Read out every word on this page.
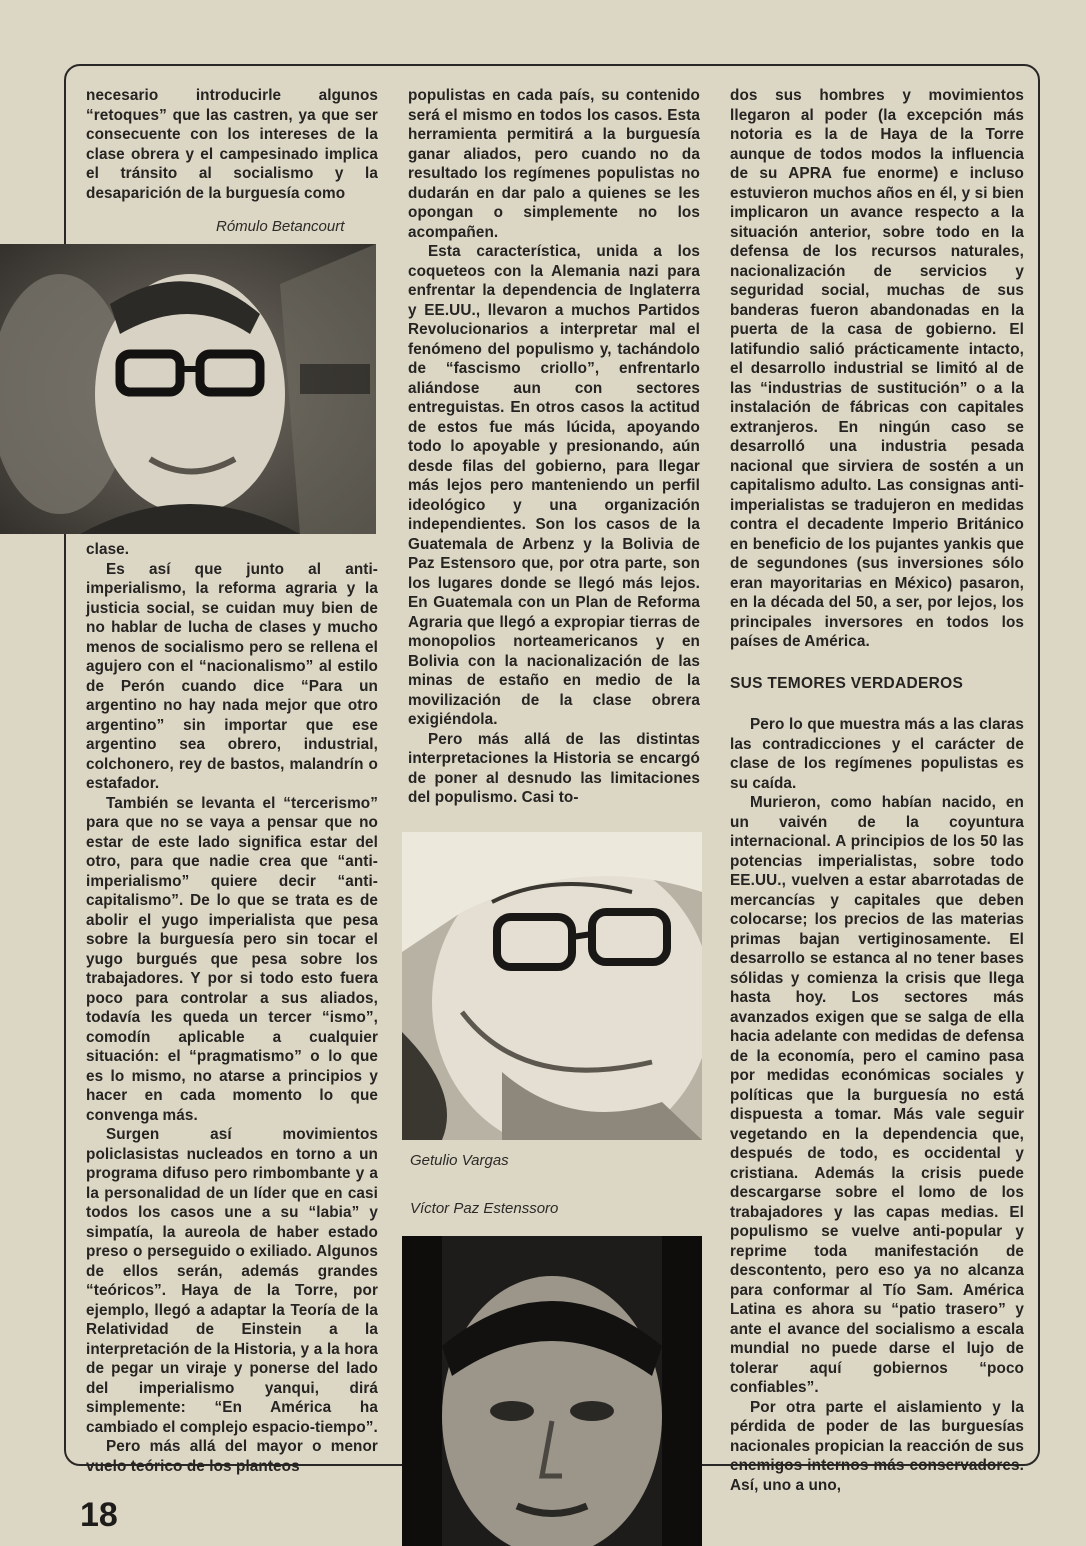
necesario introducirle algunos “retoques” que las castren, ya que ser consecuente con los intereses de la clase obrera y el campesinado implica el tránsito al socialismo y la desaparición de la burguesía como

Rómulo Betancourt

clase.

Es así que junto al anti-imperialismo, la reforma agraria y la justicia social, se cuidan muy bien de no hablar de lucha de clases y mucho menos de socialismo pero se rellena el agujero con el “nacionalismo” al estilo de Perón cuando dice “Para un argentino no hay nada mejor que otro argentino” sin importar que ese argentino sea obrero, industrial, colchonero, rey de bastos, malandrín o estafador.

También se levanta el “tercerismo” para que no se vaya a pensar que no estar de este lado significa estar del otro, para que nadie crea que “anti-imperialismo” quiere decir “anti-capitalismo”. De lo que se trata es de abolir el yugo imperialista que pesa sobre la burguesía pero sin tocar el yugo burgués que pesa sobre los trabajadores. Y por si todo esto fuera poco para controlar a sus aliados, todavía les queda un tercer “ismo”, comodín aplicable a cualquier situación: el “pragmatismo” o lo que es lo mismo, no atarse a principios y hacer en cada momento lo que convenga más.

Surgen así movimientos policlasistas nucleados en torno a un programa difuso pero rimbombante y a la personalidad de un líder que en casi todos los casos une a su “labia” y simpatía, la aureola de haber estado preso o perseguido o exiliado. Algunos de ellos serán, además grandes “teóricos”. Haya de la Torre, por ejemplo, llegó a adaptar la Teoría de la Relatividad de Einstein a la interpretación de la Historia, y a la hora de pegar un viraje y ponerse del lado del imperialismo yanqui, dirá simplemente: “En América ha cambiado el complejo espacio-tiempo”.

Pero más allá del mayor o menor vuelo teórico de los planteos

populistas en cada país, su contenido será el mismo en todos los casos. Esta herramienta permitirá a la burguesía ganar aliados, pero cuando no da resultado los regímenes populistas no dudarán en dar palo a quienes se les opongan o simplemente no los acompañen.

Esta característica, unida a los coqueteos con la Alemania nazi para enfrentar la dependencia de Inglaterra y EE.UU., llevaron a muchos Partidos Revolucionarios a interpretar mal el fenómeno del populismo y, tachándolo de “fascismo criollo”, enfrentarlo aliándose aun con sectores entreguistas. En otros casos la actitud de estos fue más lúcida, apoyando todo lo apoyable y presionando, aún desde filas del gobierno, para llegar más lejos pero manteniendo un perfil ideológico y una organización independientes. Son los casos de la Guatemala de Arbenz y la Bolivia de Paz Estensoro que, por otra parte, son los lugares donde se llegó más lejos. En Guatemala con un Plan de Reforma Agraria que llegó a expropiar tierras de monopolios norteamericanos y en Bolivia con la nacionalización de las minas de estaño en medio de la movilización de la clase obrera exigiéndola.

Pero más allá de las distintas interpretaciones la Historia se encargó de poner al desnudo las limitaciones del populismo. Casi to-

Getulio Vargas
Víctor Paz Estenssoro

dos sus hombres y movimientos llegaron al poder (la excepción más notoria es la de Haya de la Torre aunque de todos modos la influencia de su APRA fue enorme) e incluso estuvieron muchos años en él, y si bien implicaron un avance respecto a la situación anterior, sobre todo en la defensa de los recursos naturales, nacionalización de servicios y seguridad social, muchas de sus banderas fueron abandonadas en la puerta de la casa de gobierno. El latifundio salió prácticamente intacto, el desarrollo industrial se limitó al de las “industrias de sustitución” o a la instalación de fábricas con capitales extranjeros. En ningún caso se desarrolló una industria pesada nacional que sirviera de sostén a un capitalismo adulto. Las consignas anti-imperialistas se tradujeron en medidas contra el decadente Imperio Británico en beneficio de los pujantes yankis que de segundones (sus inversiones sólo eran mayoritarias en México) pasaron, en la década del 50, a ser, por lejos, los principales inversores en todos los países de América.

SUS TEMORES VERDADEROS

Pero lo que muestra más a las claras las contradicciones y el carácter de clase de los regímenes populistas es su caída.

Murieron, como habían nacido, en un vaivén de la coyuntura internacional. A principios de los 50 las potencias imperialistas, sobre todo EE.UU., vuelven a estar abarrotadas de mercancías y capitales que deben colocarse; los precios de las materias primas bajan vertiginosamente. El desarrollo se estanca al no tener bases sólidas y comienza la crisis que llega hasta hoy. Los sectores más avanzados exigen que se salga de ella hacia adelante con medidas de defensa de la economía, pero el camino pasa por medidas económicas sociales y políticas que la burguesía no está dispuesta a tomar. Más vale seguir vegetando en la dependencia que, después de todo, es occidental y cristiana. Además la crisis puede descargarse sobre el lomo de los trabajadores y las capas medias. El populismo se vuelve anti-popular y reprime toda manifestación de descontento, pero eso ya no alcanza para conformar al Tío Sam. América Latina es ahora su “patio trasero” y ante el avance del socialismo a escala mundial no puede darse el lujo de tolerar aquí gobiernos “poco confiables”.

Por otra parte el aislamiento y la pérdida de poder de las burguesías nacionales propician la reacción de sus enemigos internos más conservadores. Así, uno a uno,

18
